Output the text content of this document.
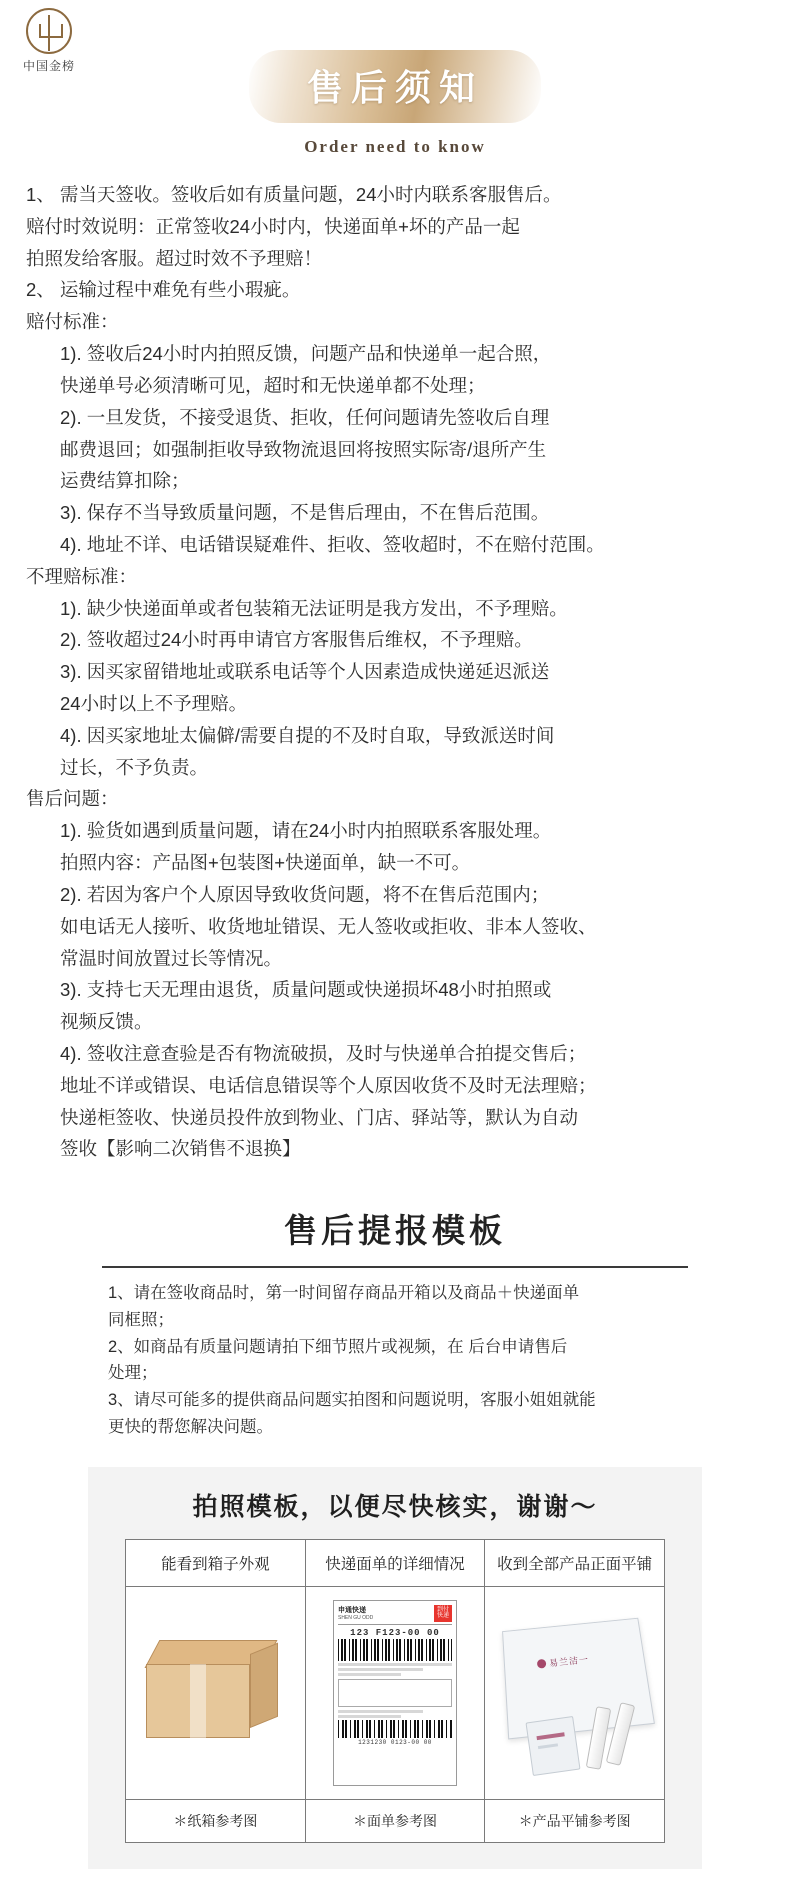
中国金榜
售后须知
Order need to know

1、 需当天签收。签收后如有质量问题，24小时内联系客服售后。

赔付时效说明：正常签收24小时内，快递面单+坏的产品一起

拍照发给客服。超过时效不予理赔！

2、 运输过程中难免有些小瑕疵。

赔付标准：

1). 签收后24小时内拍照反馈，问题产品和快递单一起合照，

快递单号必须清晰可见，超时和无快递单都不处理；

2). 一旦发货，不接受退货、拒收，任何问题请先签收后自理

邮费退回；如强制拒收导致物流退回将按照实际寄/退所产生

运费结算扣除；

3). 保存不当导致质量问题，不是售后理由，不在售后范围。

4). 地址不详、电话错误疑难件、拒收、签收超时，不在赔付范围。

不理赔标准：

1). 缺少快递面单或者包装箱无法证明是我方发出，不予理赔。

2). 签收超过24小时再申请官方客服售后维权，不予理赔。

3). 因买家留错地址或联系电话等个人因素造成快递延迟派送

24小时以上不予理赔。

4). 因买家地址太偏僻/需要自提的不及时自取，导致派送时间

过长，不予负责。

售后问题：

1). 验货如遇到质量问题，请在24小时内拍照联系客服处理。

拍照内容：产品图+包装图+快递面单，缺一不可。

2). 若因为客户个人原因导致收货问题，将不在售后范围内；

如电话无人接听、收货地址错误、无人签收或拒收、非本人签收、

常温时间放置过长等情况。

3). 支持七天无理由退货，质量问题或快递损坏48小时拍照或

视频反馈。

4). 签收注意查验是否有物流破损，及时与快递单合拍提交售后；

地址不详或错误、电话信息错误等个人原因收货不及时无法理赔；

快递柜签收、快递员投件放到物业、门店、驿站等，默认为自动

签收【影响二次销售不退换】

售后提报模板

1、请在签收商品时，第一时间留存商品开箱以及商品＋快递面单

同框照；

2、如商品有质量问题请拍下细节照片或视频，在 后台申请售后

处理；

3、请尽可能多的提供商品问题实拍图和问题说明，客服小姐姐就能

更快的帮您解决问题。

拍照模板，以便尽快核实，谢谢～
能看到箱子外观	快递面单的详细情况	收到全部产品正面平铺

申通快递
SHEN GU ODD
到付
快递
123 F123-00 00
1231230 0123-00 00

易兰洁一

＊纸箱参考图	＊面单参考图	＊产品平铺参考图
